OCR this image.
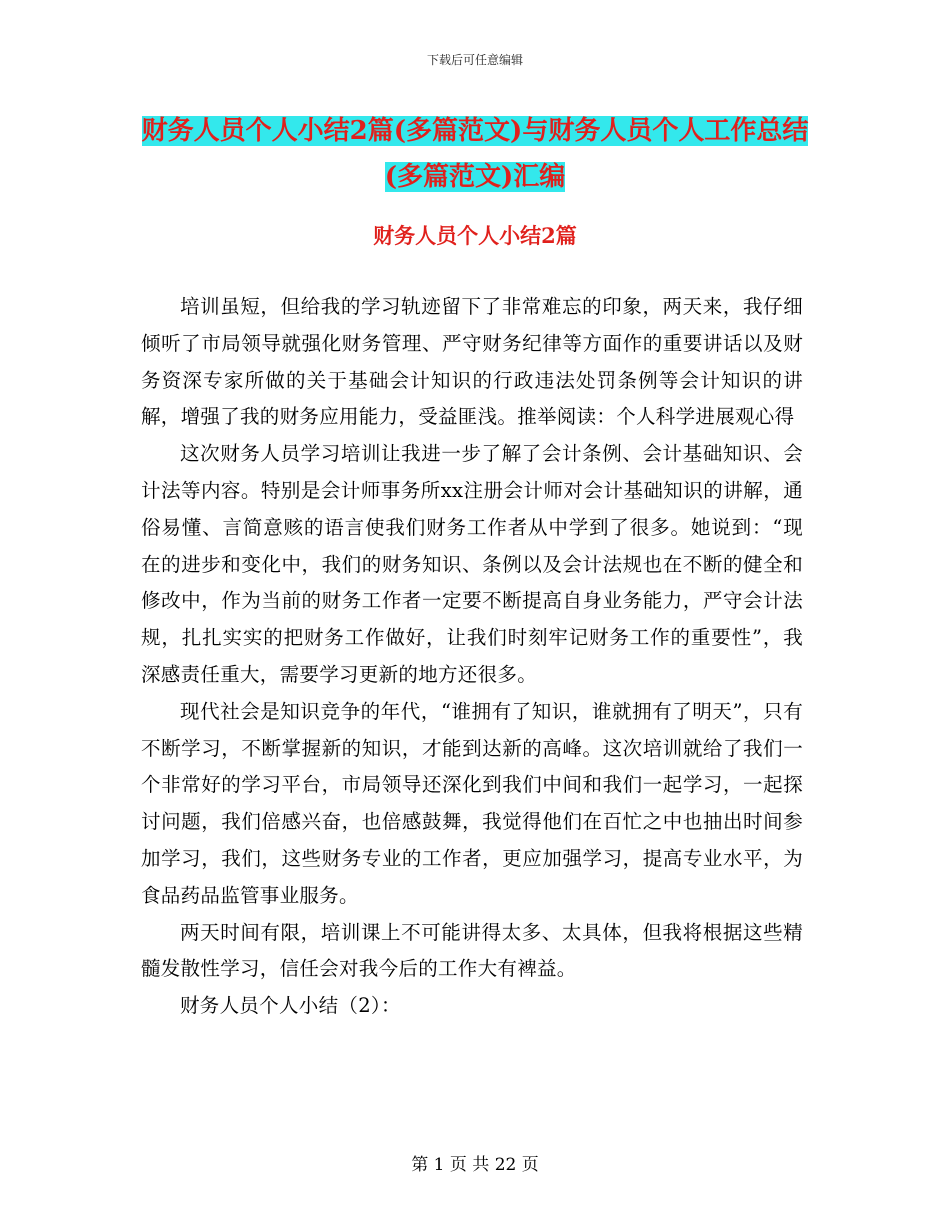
下载后可任意编辑
财务人员个人小结2篇(多篇范文)与财务人员个人工作总结(多篇范文)汇编
财务人员个人小结2篇

培训虽短，但给我的学习轨迹留下了非常难忘的印象，两天来，我仔细倾听了市局领导就强化财务管理、严守财务纪律等方面作的重要讲话以及财务资深专家所做的关于基础会计知识的行政违法处罚条例等会计知识的讲解，增强了我的财务应用能力，受益匪浅。推举阅读：个人科学进展观心得

这次财务人员学习培训让我进一步了解了会计条例、会计基础知识、会计法等内容。特别是会计师事务所xx注册会计师对会计基础知识的讲解，通俗易懂、言简意赅的语言使我们财务工作者从中学到了很多。她说到：“现在的进步和变化中，我们的财务知识、条例以及会计法规也在不断的健全和修改中，作为当前的财务工作者一定要不断提高自身业务能力，严守会计法规，扎扎实实的把财务工作做好，让我们时刻牢记财务工作的重要性”，我深感责任重大，需要学习更新的地方还很多。

现代社会是知识竞争的年代，“谁拥有了知识，谁就拥有了明天”，只有不断学习，不断掌握新的知识，才能到达新的高峰。这次培训就给了我们一个非常好的学习平台，市局领导还深化到我们中间和我们一起学习，一起探讨问题，我们倍感兴奋，也倍感鼓舞，我觉得他们在百忙之中也抽出时间参加学习，我们，这些财务专业的工作者，更应加强学习，提高专业水平，为食品药品监管事业服务。

两天时间有限，培训课上不可能讲得太多、太具体，但我将根据这些精髓发散性学习，信任会对我今后的工作大有裨益。

财务人员个人小结（2）：

第 1 页 共 22 页
